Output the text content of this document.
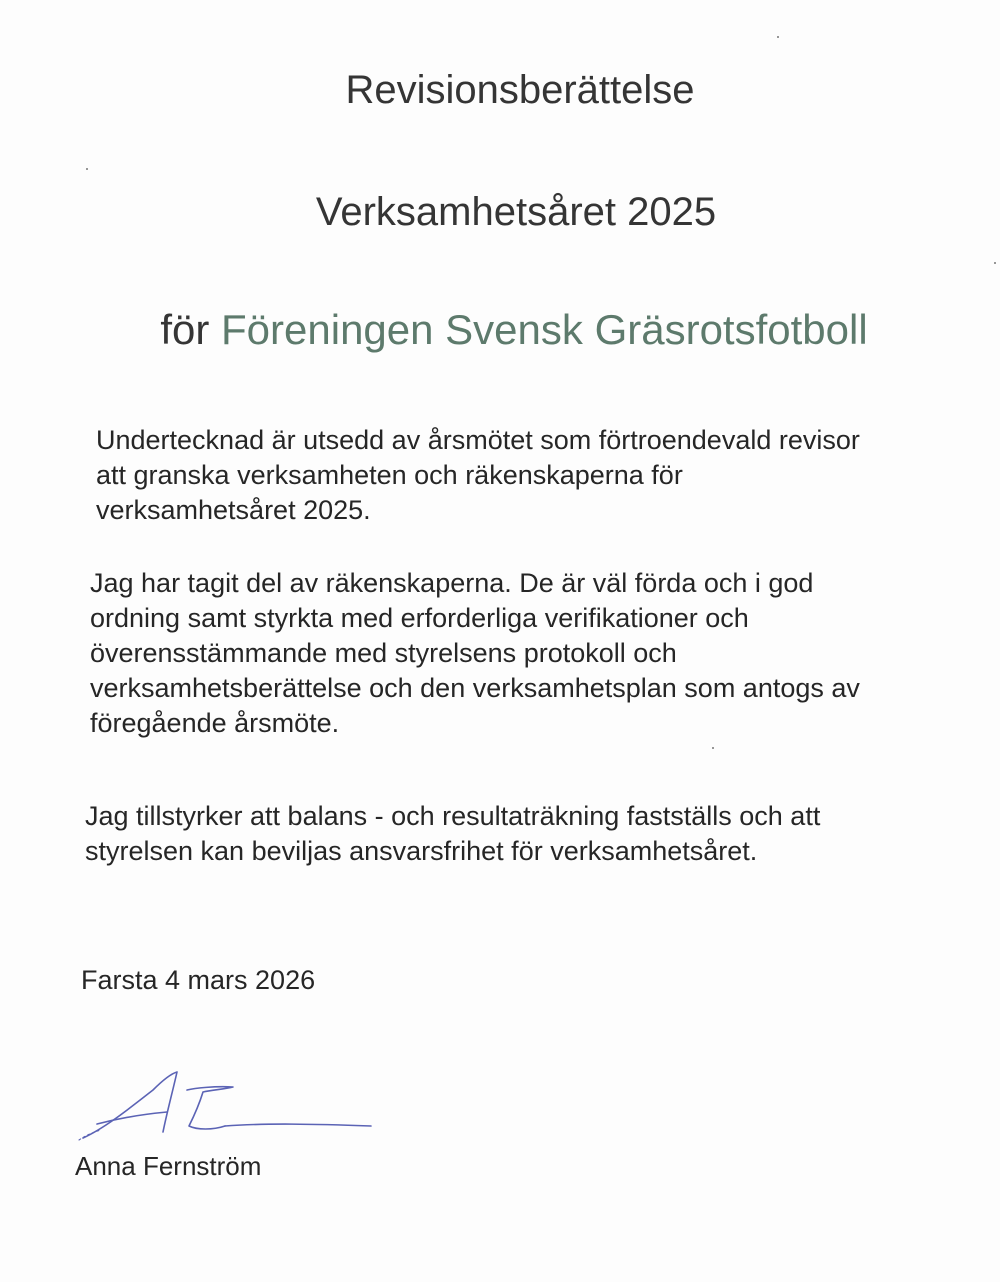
Revisionsberättelse
Verksamhetsåret 2025
för Föreningen Svensk Gräsrotsfotboll
Undertecknad är utsedd av årsmötet som förtroendevald revisor
att granska verksamheten och räkenskaperna för
verksamhetsåret 2025.
Jag har tagit del av räkenskaperna. De är väl förda och i god
ordning samt styrkta med erforderliga verifikationer och
överensstämmande med styrelsens protokoll och
verksamhetsberättelse och den verksamhetsplan som antogs av
föregående årsmöte.
Jag tillstyrker att balans - och resultaträkning fastställs och att
styrelsen kan beviljas ansvarsfrihet för verksamhetsåret.

Farsta 4 mars 2026

Anna Fernström
